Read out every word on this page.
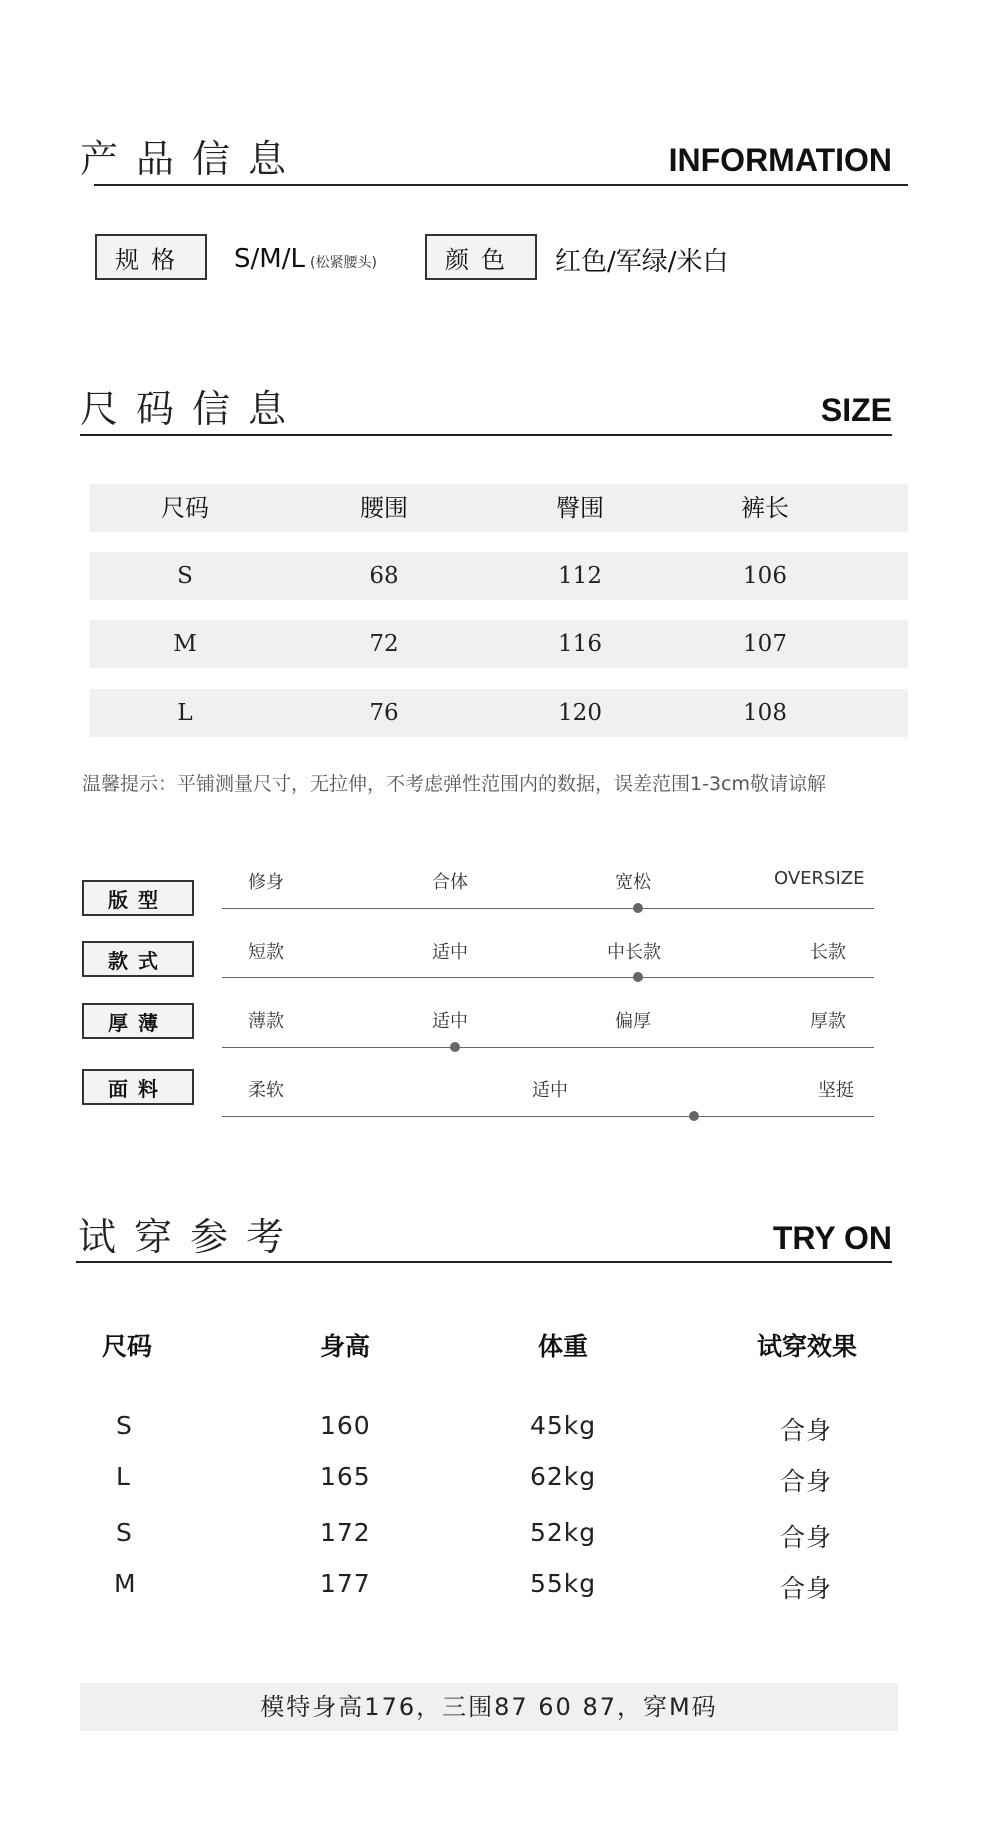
产品信息	INFORMATION
规格	S/M/L (松紧腰头)	颜色	红色/军绿/米白
尺码信息	SIZE
尺码	腰围	臀围	裤长
S	68	112	106
M	72	116	107
L	76	120	108
温馨提示：平铺测量尺寸，无拉伸，不考虑弹性范围内的数据，误差范围1-3cm敬请谅解
版型
修身	合体	宽松	OVERSIZE
款式	短款	适中	中长款	长款
厚薄	薄款	适中	偏厚	厚款
面料	柔软	适中	坚挺
试穿参考	TRY ON
尺码	身高	体重	试穿效果
S	160	45kg	合身
L	165	62kg	合身
S	172	52kg	合身
M	177	55kg	合身
模特身高176，三围87 60 87，穿M码
